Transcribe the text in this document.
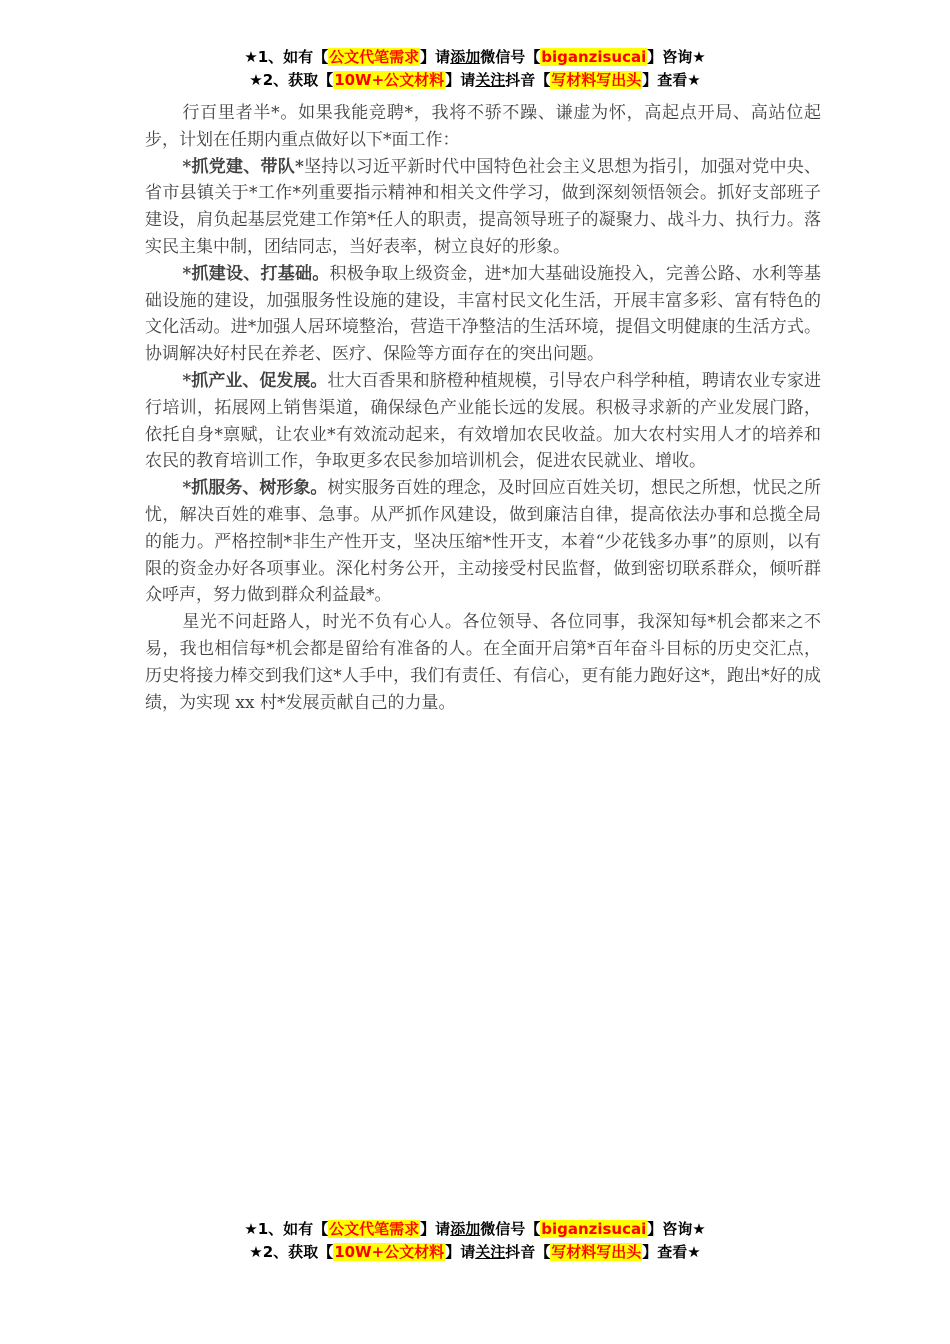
★1、如有【公文代笔需求】请添加微信号【biganzisucai】咨询★
★2、获取【10W+公文材料】请关注抖音【写材料写出头】查看★

行百里者半*。如果我能竞聘*，我将不骄不躁、谦虚为怀，高起点开局、高站位起步，计划在任期内重点做好以下*面工作：

*抓党建、带队*坚持以习近平新时代中国特色社会主义思想为指引，加强对党中央、省市县镇关于*工作*列重要指示精神和相关文件学习，做到深刻领悟领会。抓好支部班子建设，肩负起基层党建工作第*任人的职责，提高领导班子的凝聚力、战斗力、执行力。落实民主集中制，团结同志，当好表率，树立良好的形象。

*抓建设、打基础。积极争取上级资金，进*加大基础设施投入，完善公路、水利等基础设施的建设，加强服务性设施的建设，丰富村民文化生活，开展丰富多彩、富有特色的文化活动。进*加强人居环境整治，营造干净整洁的生活环境，提倡文明健康的生活方式。协调解决好村民在养老、医疗、保险等方面存在的突出问题。

*抓产业、促发展。壮大百香果和脐橙种植规模，引导农户科学种植，聘请农业专家进行培训，拓展网上销售渠道，确保绿色产业能长远的发展。积极寻求新的产业发展门路，依托自身*禀赋，让农业*有效流动起来，有效增加农民收益。加大农村实用人才的培养和农民的教育培训工作，争取更多农民参加培训机会，促进农民就业、增收。

*抓服务、树形象。树实服务百姓的理念，及时回应百姓关切，想民之所想，忧民之所忧，解决百姓的难事、急事。从严抓作风建设，做到廉洁自律，提高依法办事和总揽全局的能力。严格控制*非生产性开支，坚决压缩*性开支，本着“少花钱多办事”的原则，以有限的资金办好各项事业。深化村务公开，主动接受村民监督，做到密切联系群众，倾听群众呼声，努力做到群众利益最*。

星光不问赶路人，时光不负有心人。各位领导、各位同事，我深知每*机会都来之不易，我也相信每*机会都是留给有准备的人。在全面开启第*百年奋斗目标的历史交汇点，历史将接力棒交到我们这*人手中，我们有责任、有信心，更有能力跑好这*，跑出*好的成绩，为实现 xx 村*发展贡献自己的力量。

★1、如有【公文代笔需求】请添加微信号【biganzisucai】咨询★
★2、获取【10W+公文材料】请关注抖音【写材料写出头】查看★
